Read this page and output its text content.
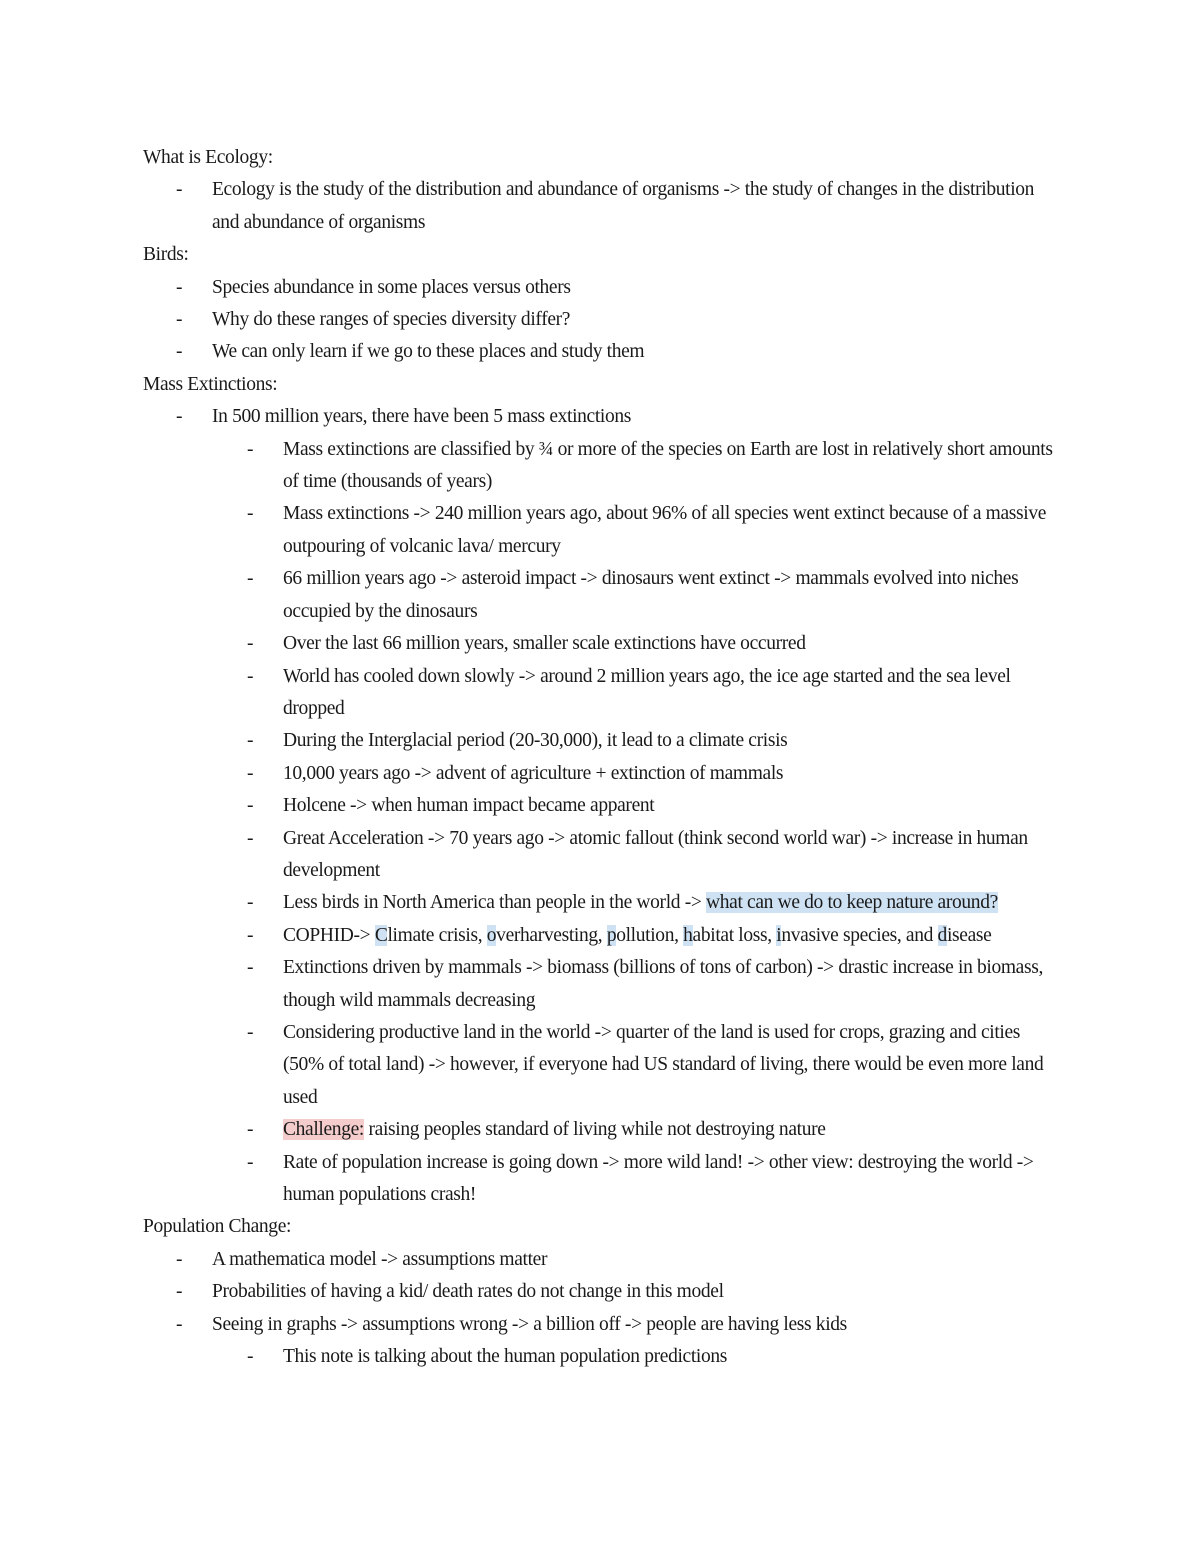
What is Ecology:

- Ecology is the study of the distribution and abundance of organisms -> the study of changes in the distribution and abundance of organisms

Birds:

- Species abundance in some places versus others
- Why do these ranges of species diversity differ?
- We can only learn if we go to these places and study them

Mass Extinctions:

- In 500 million years, there have been 5 mass extinctions
- Mass extinctions are classified by ¾ or more of the species on Earth are lost in relatively short amounts of time (thousands of years)
- Mass extinctions -> 240 million years ago, about 96% of all species went extinct because of a massive outpouring of volcanic lava/ mercury
- 66 million years ago -> asteroid impact -> dinosaurs went extinct -> mammals evolved into niches occupied by the dinosaurs
- Over the last 66 million years, smaller scale extinctions have occurred
- World has cooled down slowly -> around 2 million years ago, the ice age started and the sea level dropped
- During the Interglacial period (20-30,000), it lead to a climate crisis
- 10,000 years ago -> advent of agriculture + extinction of mammals
- Holcene -> when human impact became apparent
- Great Acceleration -> 70 years ago -> atomic fallout (think second world war) -> increase in human development
- Less birds in North America than people in the world -> what can we do to keep nature around?
- COPHID-> Climate crisis, overharvesting, pollution, habitat loss, invasive species, and disease
- Extinctions driven by mammals -> biomass (billions of tons of carbon) -> drastic increase in biomass, though wild mammals decreasing
- Considering productive land in the world -> quarter of the land is used for crops, grazing and cities (50% of total land) -> however, if everyone had US standard of living, there would be even more land used
- Challenge: raising peoples standard of living while not destroying nature
- Rate of population increase is going down -> more wild land! -> other view: destroying the world -> human populations crash!

Population Change:

- A mathematica model -> assumptions matter
- Probabilities of having a kid/ death rates do not change in this model
- Seeing in graphs -> assumptions wrong -> a billion off -> people are having less kids
- This note is talking about the human population predictions
